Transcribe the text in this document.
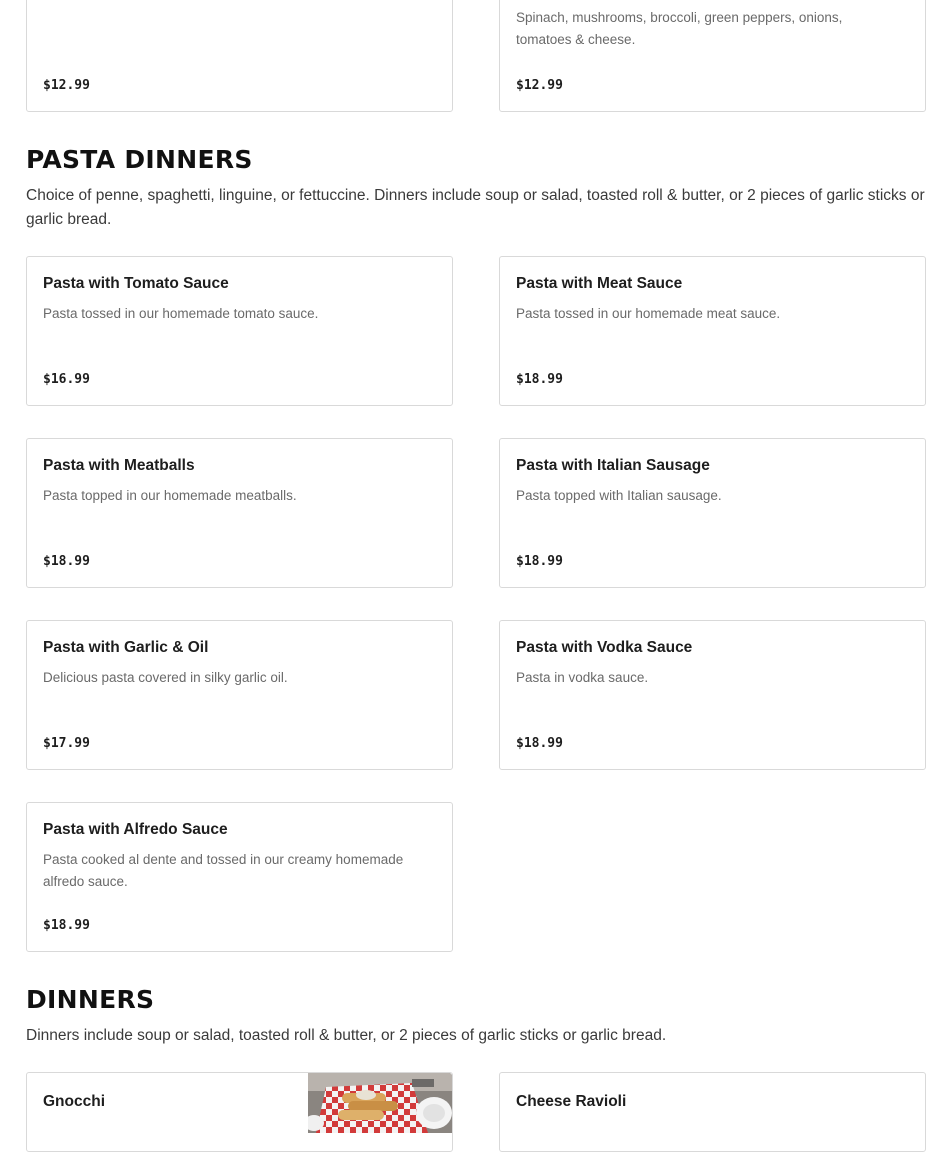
$12.99

Spinach, mushrooms, broccoli, green peppers, onions, tomatoes & cheese.

$12.99

PASTA DINNERS

Choice of penne, spaghetti, linguine, or fettuccine. Dinners include soup or salad, toasted roll & butter, or 2 pieces of garlic sticks or garlic bread.

Pasta with Tomato Sauce

Pasta tossed in our homemade tomato sauce.

$16.99

Pasta with Meat Sauce

Pasta tossed in our homemade meat sauce.

$18.99

Pasta with Meatballs

Pasta topped in our homemade meatballs.

$18.99

Pasta with Italian Sausage

Pasta topped with Italian sausage.

$18.99

Pasta with Garlic & Oil

Delicious pasta covered in silky garlic oil.

$17.99

Pasta with Vodka Sauce

Pasta in vodka sauce.

$18.99

Pasta with Alfredo Sauce

Pasta cooked al dente and tossed in our creamy homemade alfredo sauce.

$18.99

DINNERS

Dinners include soup or salad, toasted roll & butter, or 2 pieces of garlic sticks or garlic bread.

Gnocchi	Cheese Ravioli
